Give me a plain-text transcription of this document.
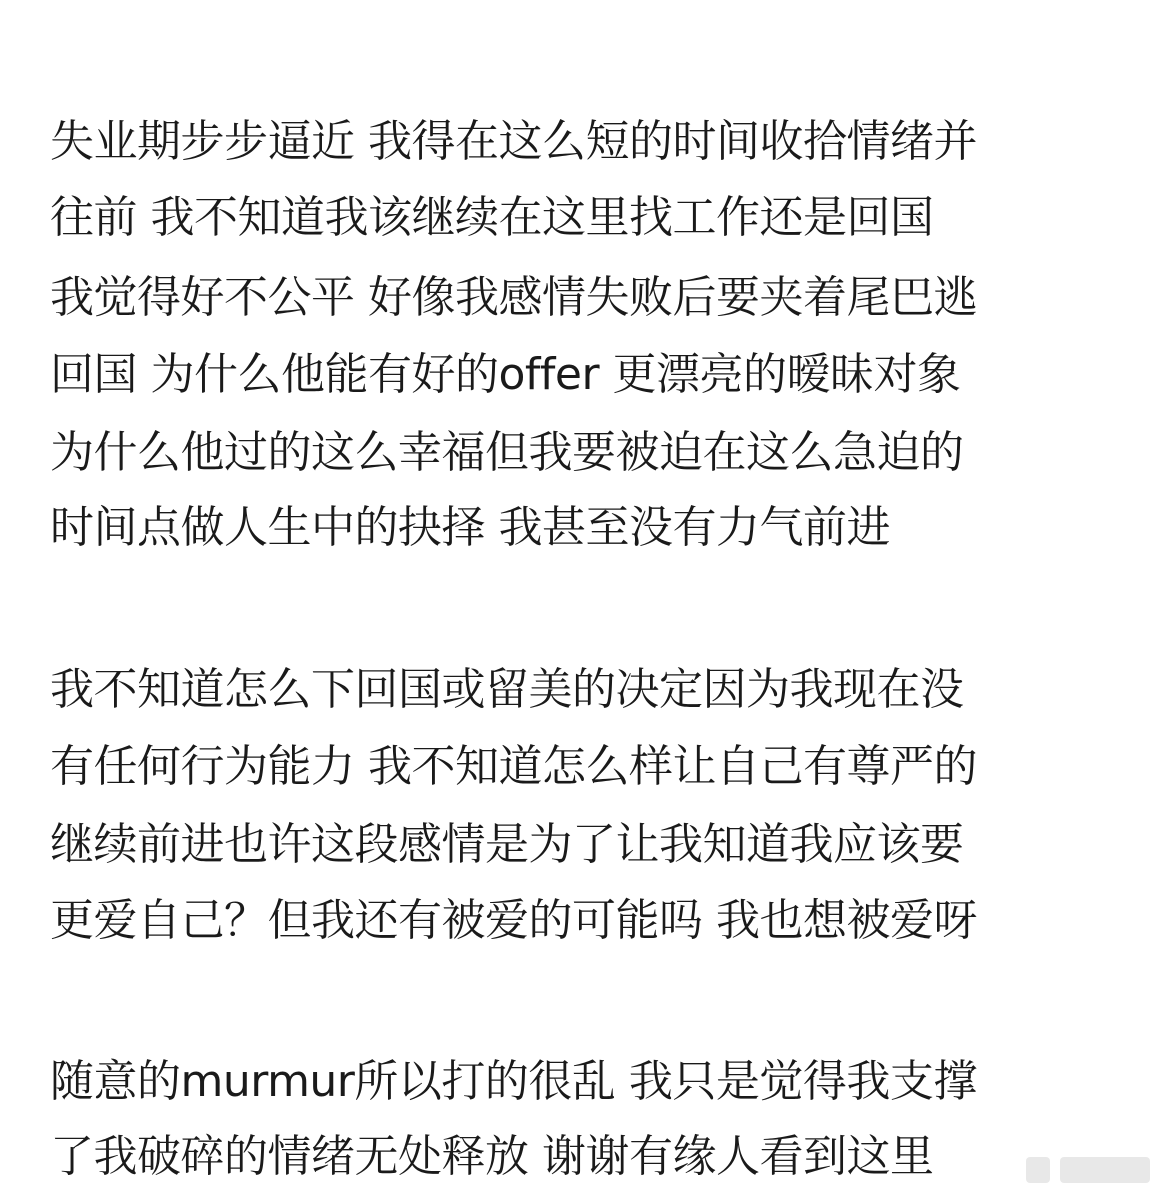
失业期步步逼近 我得在这么短的时间收拾情绪并
往前 我不知道我该继续在这里找工作还是回国
我觉得好不公平 好像我感情失败后要夹着尾巴逃
回国 为什么他能有好的offer 更漂亮的暧昧对象
为什么他过的这么幸福但我要被迫在这么急迫的
时间点做人生中的抉择 我甚至没有力气前进
我不知道怎么下回国或留美的决定因为我现在没
有任何行为能力 我不知道怎么样让自己有尊严的
继续前进也许这段感情是为了让我知道我应该要
更爱自己？但我还有被爱的可能吗 我也想被爱呀
随意的murmur所以打的很乱 我只是觉得我支撑
了我破碎的情绪无处释放 谢谢有缘人看到这里
